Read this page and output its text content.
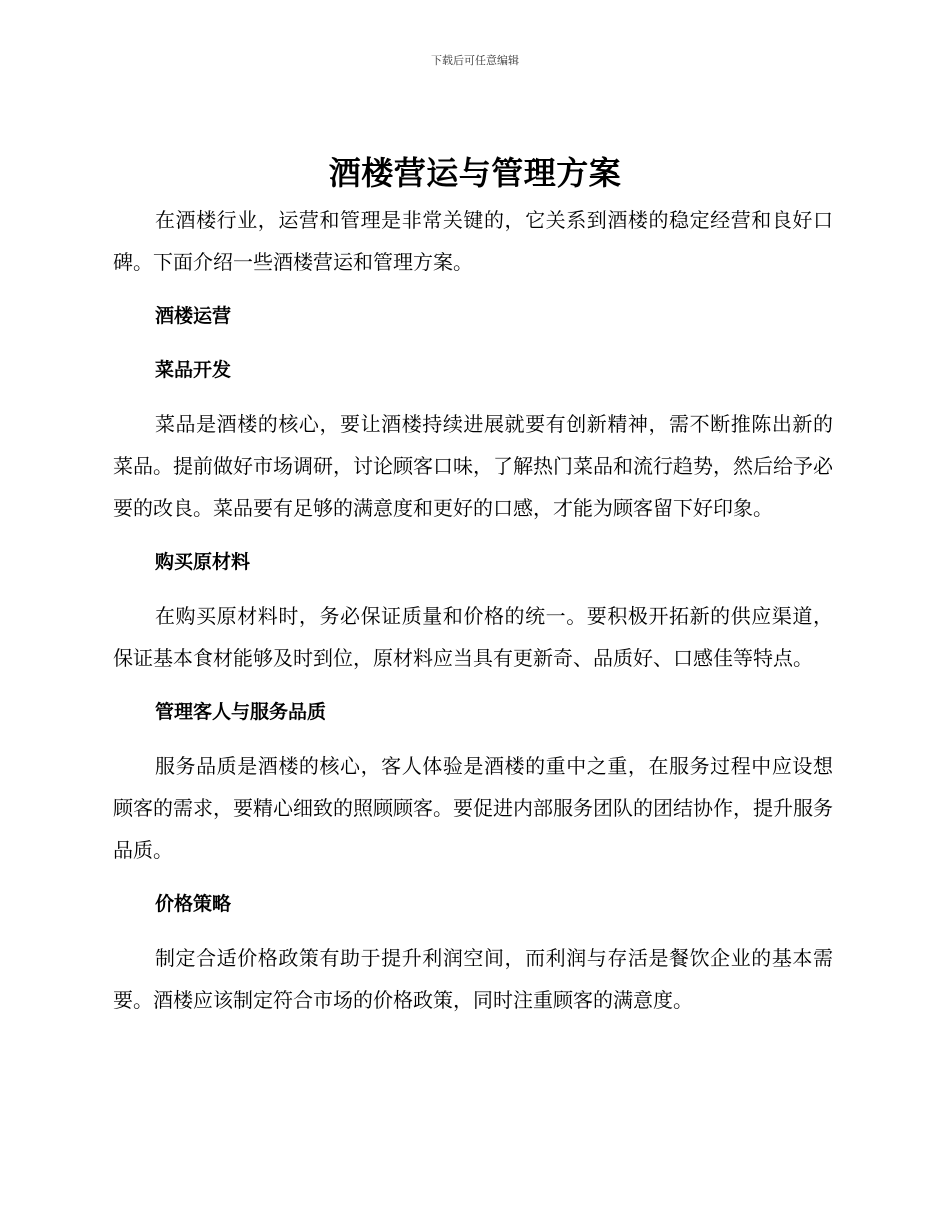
下载后可任意编辑
酒楼营运与管理方案

在酒楼行业，运营和管理是非常关键的，它关系到酒楼的稳定经营和良好口碑。下面介绍一些酒楼营运和管理方案。

酒楼运营
菜品开发

菜品是酒楼的核心，要让酒楼持续进展就要有创新精神，需不断推陈出新的菜品。提前做好市场调研，讨论顾客口味，了解热门菜品和流行趋势，然后给予必要的改良。菜品要有足够的满意度和更好的口感，才能为顾客留下好印象。

购买原材料

在购买原材料时，务必保证质量和价格的统一。要积极开拓新的供应渠道，保证基本食材能够及时到位，原材料应当具有更新奇、品质好、口感佳等特点。

管理客人与服务品质

服务品质是酒楼的核心，客人体验是酒楼的重中之重，在服务过程中应设想顾客的需求，要精心细致的照顾顾客。要促进内部服务团队的团结协作，提升服务品质。

价格策略

制定合适价格政策有助于提升利润空间，而利润与存活是餐饮企业的基本需要。酒楼应该制定符合市场的价格政策，同时注重顾客的满意度。
